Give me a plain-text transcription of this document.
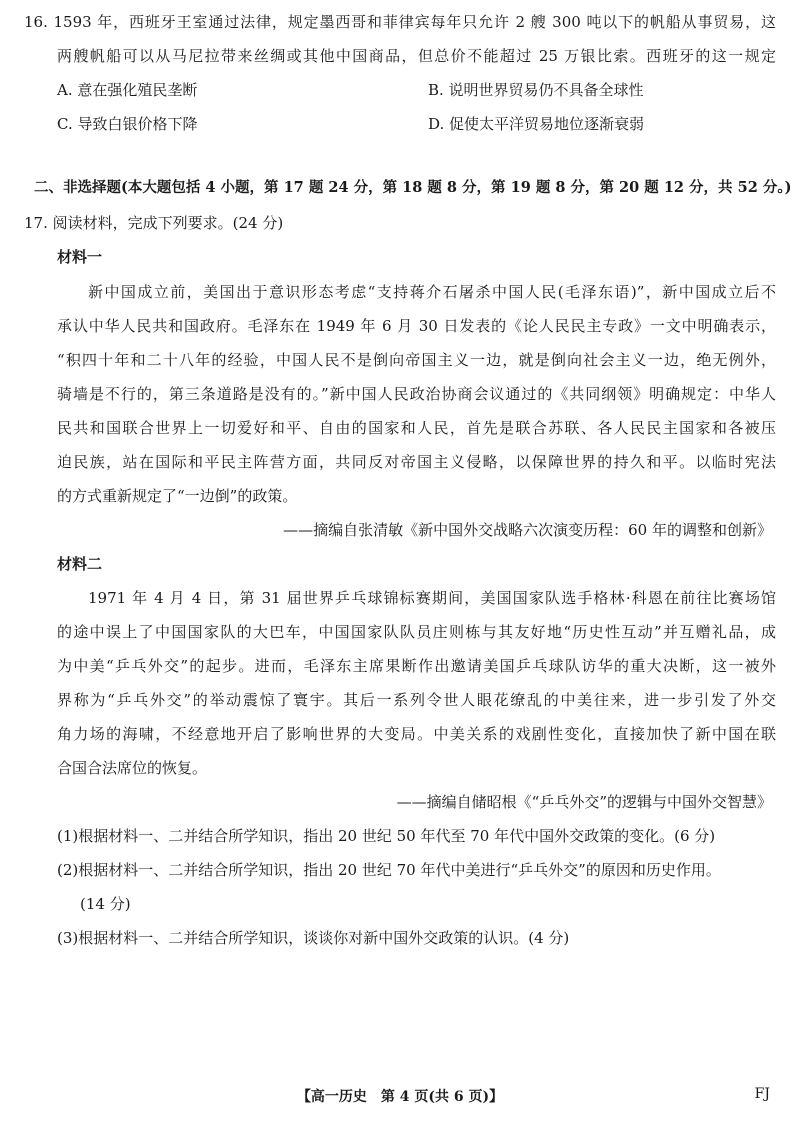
16. 1593 年，西班牙王室通过法律，规定墨西哥和菲律宾每年只允许 2 艘 300 吨以下的帆船从事贸易，这
两艘帆船可以从马尼拉带来丝绸或其他中国商品，但总价不能超过 25 万银比索。西班牙的这一规定
A. 意在强化殖民垄断	B. 说明世界贸易仍不具备全球性
C. 导致白银价格下降	D. 促使太平洋贸易地位逐渐衰弱
二、非选择题(本大题包括 4 小题，第 17 题 24 分，第 18 题 8 分，第 19 题 8 分，第 20 题 12 分，共 52 分。)
17. 阅读材料，完成下列要求。(24 分)
材料一
新中国成立前，美国出于意识形态考虑“支持蒋介石屠杀中国人民(毛泽东语)”，新中国成立后不
承认中华人民共和国政府。毛泽东在 1949 年 6 月 30 日发表的《论人民民主专政》一文中明确表示，
“积四十年和二十八年的经验，中国人民不是倒向帝国主义一边，就是倒向社会主义一边，绝无例外，
骑墙是不行的，第三条道路是没有的。”新中国人民政治协商会议通过的《共同纲领》明确规定：中华人
民共和国联合世界上一切爱好和平、自由的国家和人民，首先是联合苏联、各人民民主国家和各被压
迫民族，站在国际和平民主阵营方面，共同反对帝国主义侵略，以保障世界的持久和平。以临时宪法
的方式重新规定了“一边倒”的政策。
——摘编自张清敏《新中国外交战略六次演变历程：60 年的调整和创新》
材料二
1971 年 4 月 4 日，第 31 届世界乒乓球锦标赛期间，美国国家队选手格林·科恩在前往比赛场馆
的途中误上了中国国家队的大巴车，中国国家队队员庄则栋与其友好地“历史性互动”并互赠礼品，成
为中美“乒乓外交”的起步。进而，毛泽东主席果断作出邀请美国乒乓球队访华的重大决断，这一被外
界称为“乒乓外交”的举动震惊了寰宇。其后一系列令世人眼花缭乱的中美往来，进一步引发了外交
角力场的海啸，不经意地开启了影响世界的大变局。中美关系的戏剧性变化，直接加快了新中国在联
合国合法席位的恢复。
——摘编自储昭根《“乒乓外交”的逻辑与中国外交智慧》
(1)根据材料一、二并结合所学知识，指出 20 世纪 50 年代至 70 年代中国外交政策的变化。(6 分)
(2)根据材料一、二并结合所学知识，指出 20 世纪 70 年代中美进行“乒乓外交”的原因和历史作用。
(14 分)
(3)根据材料一、二并结合所学知识，谈谈你对新中国外交政策的认识。(4 分)
【高一历史　第 4 页(共 6 页)】	FJ
